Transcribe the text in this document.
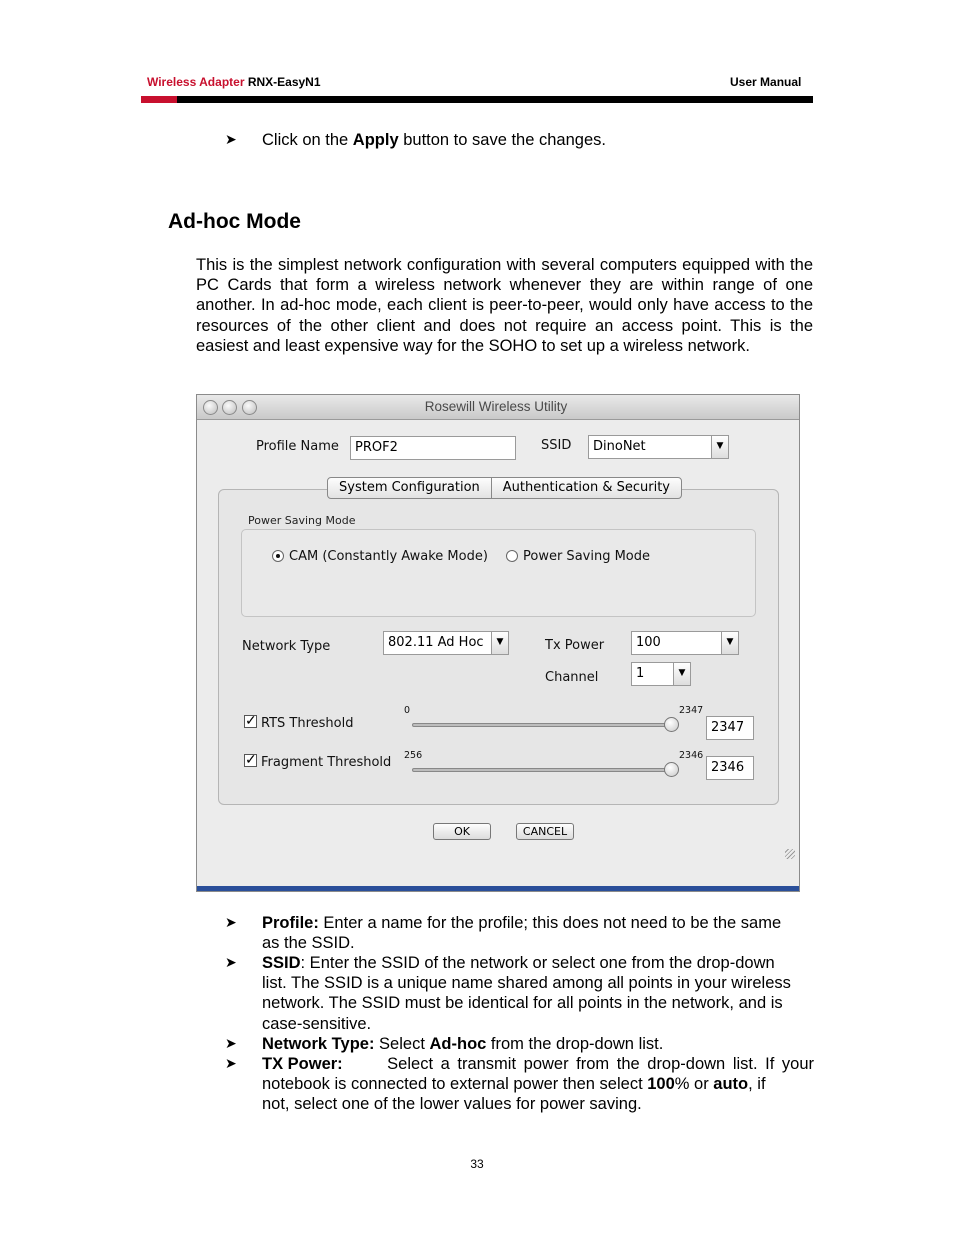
Wireless Adapter RNX-EasyN1	User Manual
➤ Click on the Apply button to save the changes.
Ad-hoc Mode
This is the simplest network configuration with several computers equipped with the PC Cards that form a wireless network whenever they are within range of one another. In ad-hoc mode, each client is peer-to-peer, would only have access to the resources of the other client and does not require an access point. This is the easiest and least expensive way for the SOHO to set up a wireless network.
Rosewill Wireless Utility
Profile Name	PROF2	SSID	DinoNet	▼
System Configuration	Authentication & Security
Power Saving Mode
CAM (Constantly Awake Mode)	Power Saving Mode
Network Type	802.11 Ad Hoc	▼	Tx Power	100	▼
Channel	1	▼
✓ RTS Threshold
0	2347
2347
✓ Fragment Threshold 256	2346
2346
OK	CANCEL
➤ Profile: Enter a name for the profile; this does not need to be the same
as the SSID.
➤ SSID: Enter the SSID of the network or select one from the drop-down
list. The SSID is a unique name shared among all points in your wireless
network. The SSID must be identical for all points in the network, and is
case-sensitive.
➤ Network Type: Select Ad-hoc from the drop-down list.
➤ TX Power:	Select a transmit power from the drop-down list. If your
notebook is connected to external power then select 100% or auto, if
not, select one of the lower values for power saving.
33
